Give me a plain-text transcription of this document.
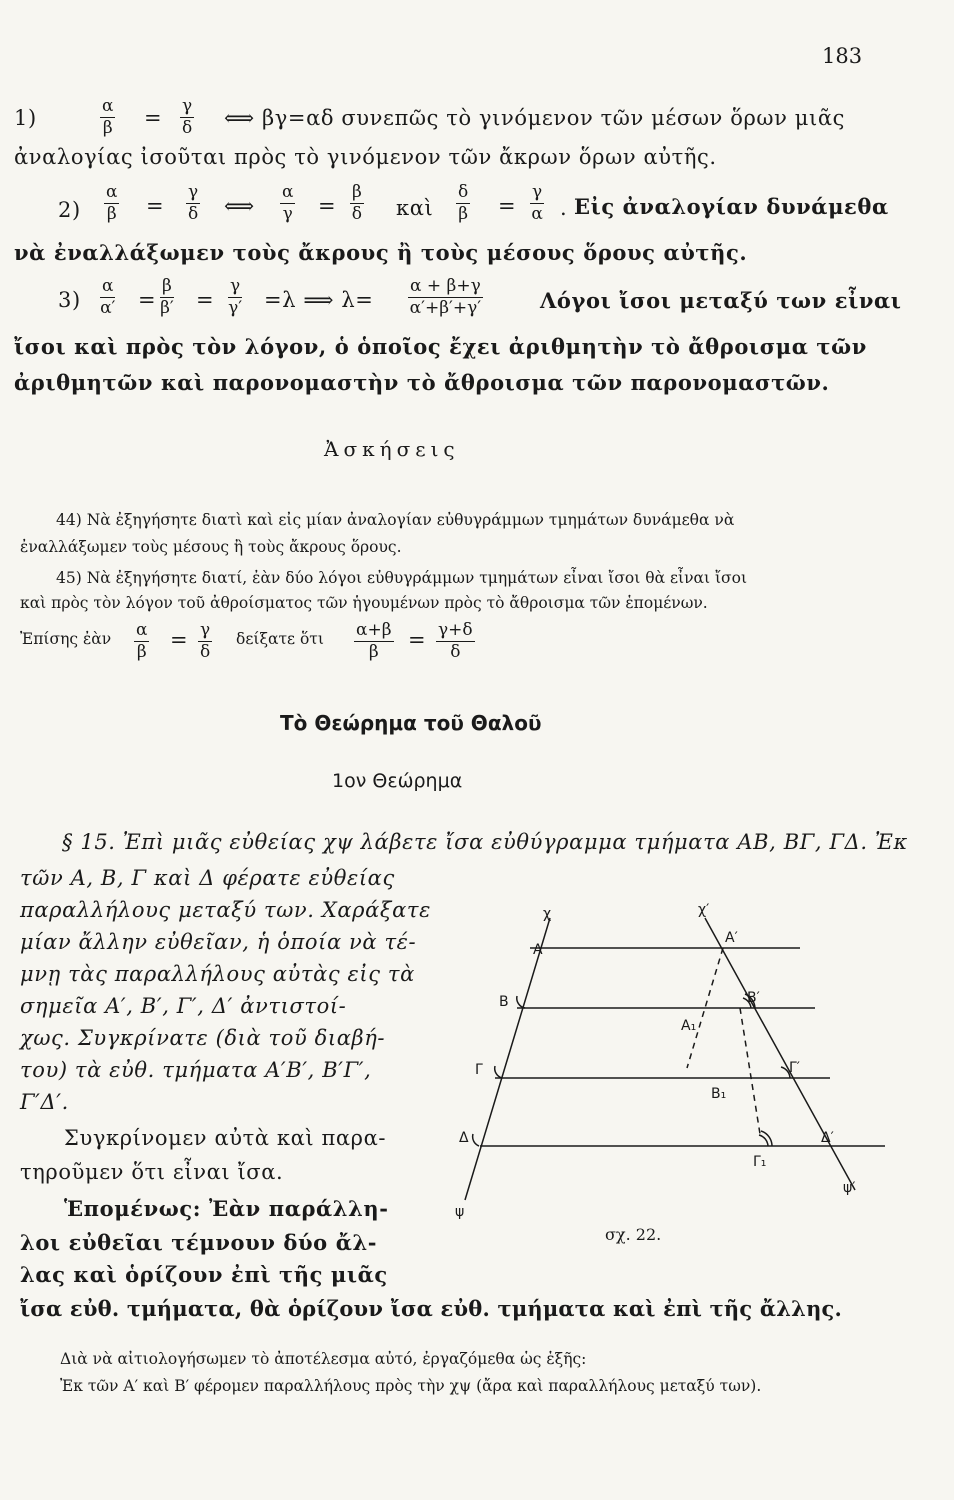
183
1)	$\frac{\alpha}{\beta} = \frac{\gamma}{\delta}$ ⟺ βγ=αδ συνεπῶς τὸ γινόμενον τῶν μέσων ὅρων μιᾶς
ἀναλογίας ἰσοῦται πρὸς τὸ γινόμενον τῶν ἄκρων ὅρων αὐτῆς.
$2) \frac{\alpha}{\beta} = \frac{\gamma}{\delta}$ ⟺ $\frac{\alpha}{\gamma} = \frac{\beta}{\delta}$ καὶ $\frac{\delta}{\beta} = \frac{\gamma}{\alpha}$ . Εἰς ἀναλογίαν δυνάμεθα
νὰ ἐναλλάξωμεν τοὺς ἄκρους ἢ τοὺς μέσους ὅρους αὐτῆς.
$3) \frac{\alpha}{\alpha'} = \frac{\beta}{\beta'} = \frac{\gamma}{\gamma'} =\lambda$ ⟹ $\lambda= \frac{\alpha + \beta+\gamma}{\alpha'+\beta'+\gamma'}$	Λόγοι ἴσοι μεταξύ των εἶναι
ἴσοι καὶ πρὸς τὸν λόγον, ὁ ὁποῖος ἔχει ἀριθμητὴν τὸ ἄθροισμα τῶν
ἀριθμητῶν καὶ παρονομαστὴν τὸ ἄθροισμα τῶν παρονομαστῶν.
Ἀσκήσεις
44) Νὰ ἐξηγήσητε διατὶ καὶ εἰς μίαν ἀναλογίαν εὐθυγράμμων τμημάτων δυνάμεθα νὰ
ἐναλλάξωμεν τοὺς μέσους ἢ τοὺς ἄκρους ὅρους.
45) Νὰ ἐξηγήσητε διατί, ἐὰν δύο λόγοι εὐθυγράμμων τμημάτων εἶναι ἴσοι θὰ εἶναι ἴσοι
καὶ πρὸς τὸν λόγον τοῦ ἀθροίσματος τῶν ἡγουμένων πρὸς τὸ ἄθροισμα τῶν ἑπομένων.
Ἐπίσης ἐὰν $\frac{\alpha}{\beta} = \frac{\gamma}{\delta}$ δείξατε ὅτι $\frac{\alpha+\beta}{\beta} = \frac{\gamma+\delta}{\delta}$
Τὸ Θεώρημα τοῦ Θαλοῦ
1ον Θεώρημα
§ 15. Ἐπὶ μιᾶς εὐθείας χψ λάβετε ἴσα εὐθύγραμμα τμήματα ΑΒ, ΒΓ, ΓΔ. Ἐκ
τῶν Α, Β, Γ καὶ Δ φέρατε εὐθείας
παραλλήλους μεταξύ των. Χαράξατε
μίαν ἄλλην εὐθεῖαν, ἡ ὁποία νὰ τέ-
μνῃ τὰς παραλλήλους αὐτὰς εἰς τὰ
σημεῖα Α′, Β′, Γ′, Δ′ ἀντιστοί-
χως. Συγκρίνατε (διὰ τοῦ διαβή-
του) τὰ εὐθ. τμήματα Α′Β′, Β′Γ′,
Γ′Δ′.
Συγκρίνομεν αὐτὰ καὶ παρα-
τηροῦμεν ὅτι εἶναι ἴσα.
Ἑπομένως: Ἐὰν παράλλη-
λοι εὐθεῖαι τέμνουν δύο ἄλ-
λας καὶ ὁρίζουν ἐπὶ τῆς μιᾶς
ἴσα εὐθ. τμήματα, θὰ ὁρίζουν ἴσα εὐθ. τμήματα καὶ ἐπὶ τῆς ἄλλης.
Διὰ νὰ αἰτιολογήσωμεν τὸ ἀποτέλεσμα αὐτό, ἐργαζόμεθα ὡς ἑξῆς:
Ἐκ τῶν Α′ καὶ Β′ φέρομεν παραλλήλους πρὸς τὴν χψ (ἄρα καὶ παραλλήλους μεταξύ των).
χ	χ′
Α
Α′
Β	Β′
Α₁
Γ	Γ′
Β₁
Δ	Δ′
Γ₁
ψ
ψ′
σχ. 22.
